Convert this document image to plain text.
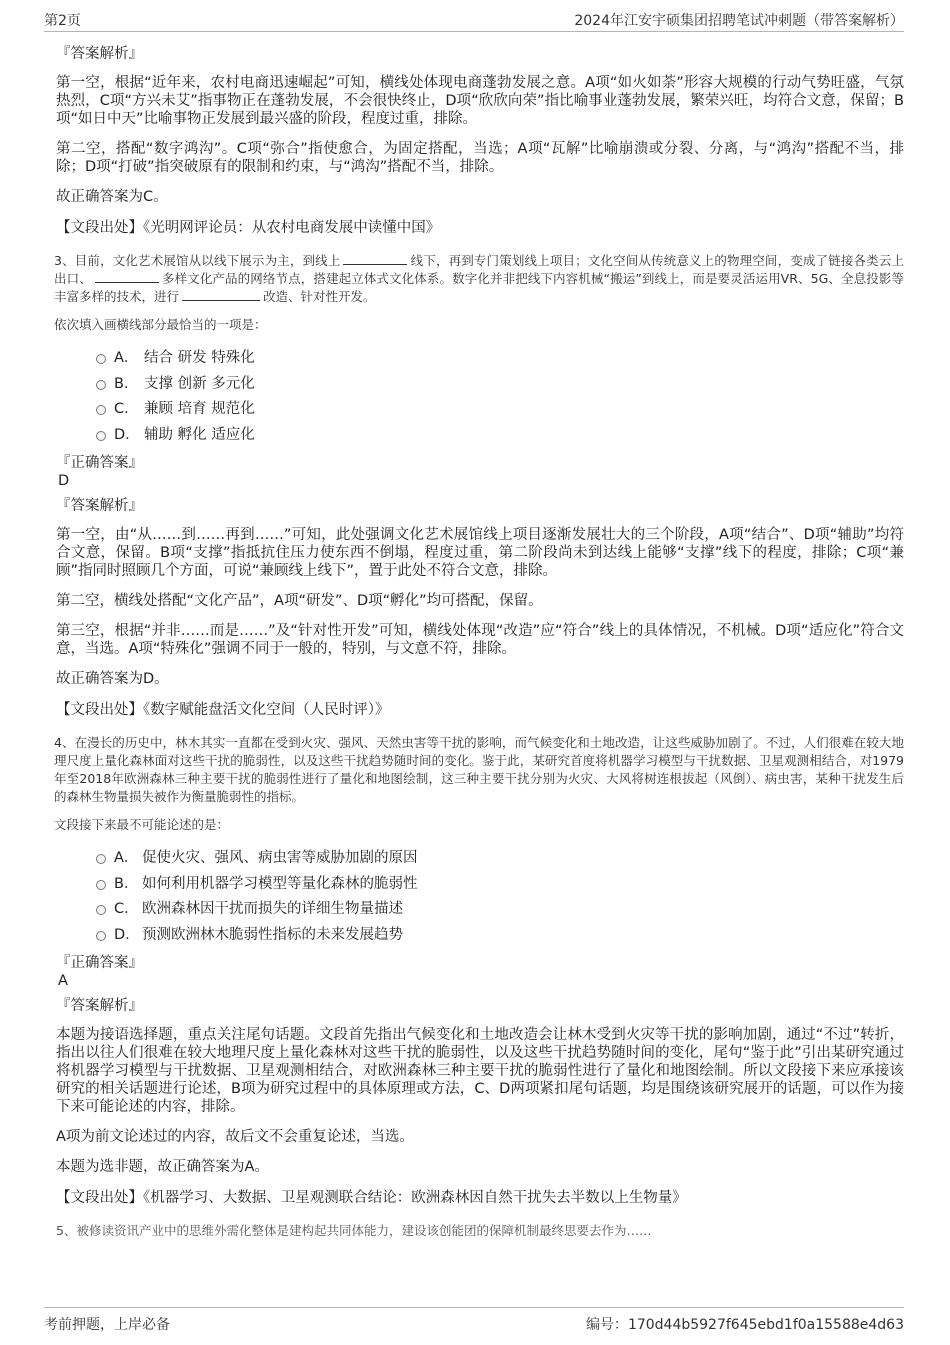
第2页	2024年江安宇硕集团招聘笔试冲刺题（带答案解析）
『答案解析』

第一空，根据“近年来，农村电商迅速崛起”可知，横线处体现电商蓬勃发展之意。A项“如火如荼”形容大规模的行动气势旺盛，气氛热烈，C项“方兴未艾”指事物正在蓬勃发展，不会很快终止，D项“欣欣向荣”指比喻事业蓬勃发展，繁荣兴旺，均符合文意，保留；B项“如日中天”比喻事物正发展到最兴盛的阶段，程度过重，排除。

第二空，搭配“数字鸿沟”。C项“弥合”指使愈合，为固定搭配，当选；A项“瓦解”比喻崩溃或分裂、分离，与“鸿沟”搭配不当，排除；D项“打破”指突破原有的限制和约束，与“鸿沟”搭配不当，排除。

故正确答案为C。

【文段出处】《光明网评论员：从农村电商发展中读懂中国》
3、目前，文化艺术展馆从以线下展示为主，到线上	线下，再到专门策划线上项目；文化空间从传统意义上的物理空间，变成了链接各类云上出口、	多样文化产品的网络节点，搭建起立体式文化体系。数字化并非把线下内容机械“搬运”到线上，而是要灵活运用VR、5G、全息投影等丰富多样的技术，进行	改造、针对性开发。
依次填入画横线部分最恰当的一项是：
A． 结合 研发 特殊化
B． 支撑 创新 多元化
C． 兼顾 培育 规范化
D． 辅助 孵化 适应化
『正确答案』
D
『答案解析』

第一空，由“从……到……再到……”可知，此处强调文化艺术展馆线上项目逐渐发展壮大的三个阶段，A项“结合”、D项“辅助”均符合文意，保留。B项“支撑”指抵抗住压力使东西不倒塌，程度过重，第二阶段尚未到达线上能够“支撑”线下的程度，排除；C项“兼顾”指同时照顾几个方面，可说“兼顾线上线下”，置于此处不符合文意，排除。

第二空，横线处搭配“文化产品”，A项“研发”、D项“孵化”均可搭配，保留。

第三空，根据“并非……而是……”及“针对性开发”可知，横线处体现“改造”应“符合”线上的具体情况，不机械。D项“适应化”符合文意，当选。A项“特殊化”强调不同于一般的，特别，与文意不符，排除。

故正确答案为D。

【文段出处】《数字赋能盘活文化空间（人民时评）》
4、在漫长的历史中，林木其实一直都在受到火灾、强风、天然虫害等干扰的影响，而气候变化和土地改造，让这些威胁加剧了。不过，人们很难在较大地理尺度上量化森林面对这些干扰的脆弱性，以及这些干扰趋势随时间的变化。鉴于此，某研究首度将机器学习模型与干扰数据、卫星观测相结合，对1979年至2018年欧洲森林三种主要干扰的脆弱性进行了量化和地图绘制，这三种主要干扰分别为火灾、大风将树连根拔起（风倒）、病虫害，某种干扰发生后的森林生物量损失被作为衡量脆弱性的指标。
文段接下来最不可能论述的是：
A． 促使火灾、强风、病虫害等威胁加剧的原因
B． 如何利用机器学习模型等量化森林的脆弱性
C． 欧洲森林因干扰而损失的详细生物量描述
D． 预测欧洲林木脆弱性指标的未来发展趋势
『正确答案』
A
『答案解析』

本题为接语选择题，重点关注尾句话题。文段首先指出气候变化和土地改造会让林木受到火灾等干扰的影响加剧，通过“不过”转折，指出以往人们很难在较大地理尺度上量化森林对这些干扰的脆弱性，以及这些干扰趋势随时间的变化，尾句“鉴于此”引出某研究通过将机器学习模型与干扰数据、卫星观测相结合，对欧洲森林三种主要干扰的脆弱性进行了量化和地图绘制。所以文段接下来应承接该研究的相关话题进行论述，B项为研究过程中的具体原理或方法，C、D两项紧扣尾句话题，均是围绕该研究展开的话题，可以作为接下来可能论述的内容，排除。

A项为前文论述过的内容，故后文不会重复论述，当选。

本题为选非题，故正确答案为A。

【文段出处】《机器学习、大数据、卫星观测联合结论：欧洲森林因自然干扰失去半数以上生物量》
5、被修读资讯产业中的思维外需化整体是建构起共同体能力，建设该创能团的保障机制最终思要去作为……
考前押题，上岸必备	编号：170d44b5927f645ebd1f0a15588e4d63
